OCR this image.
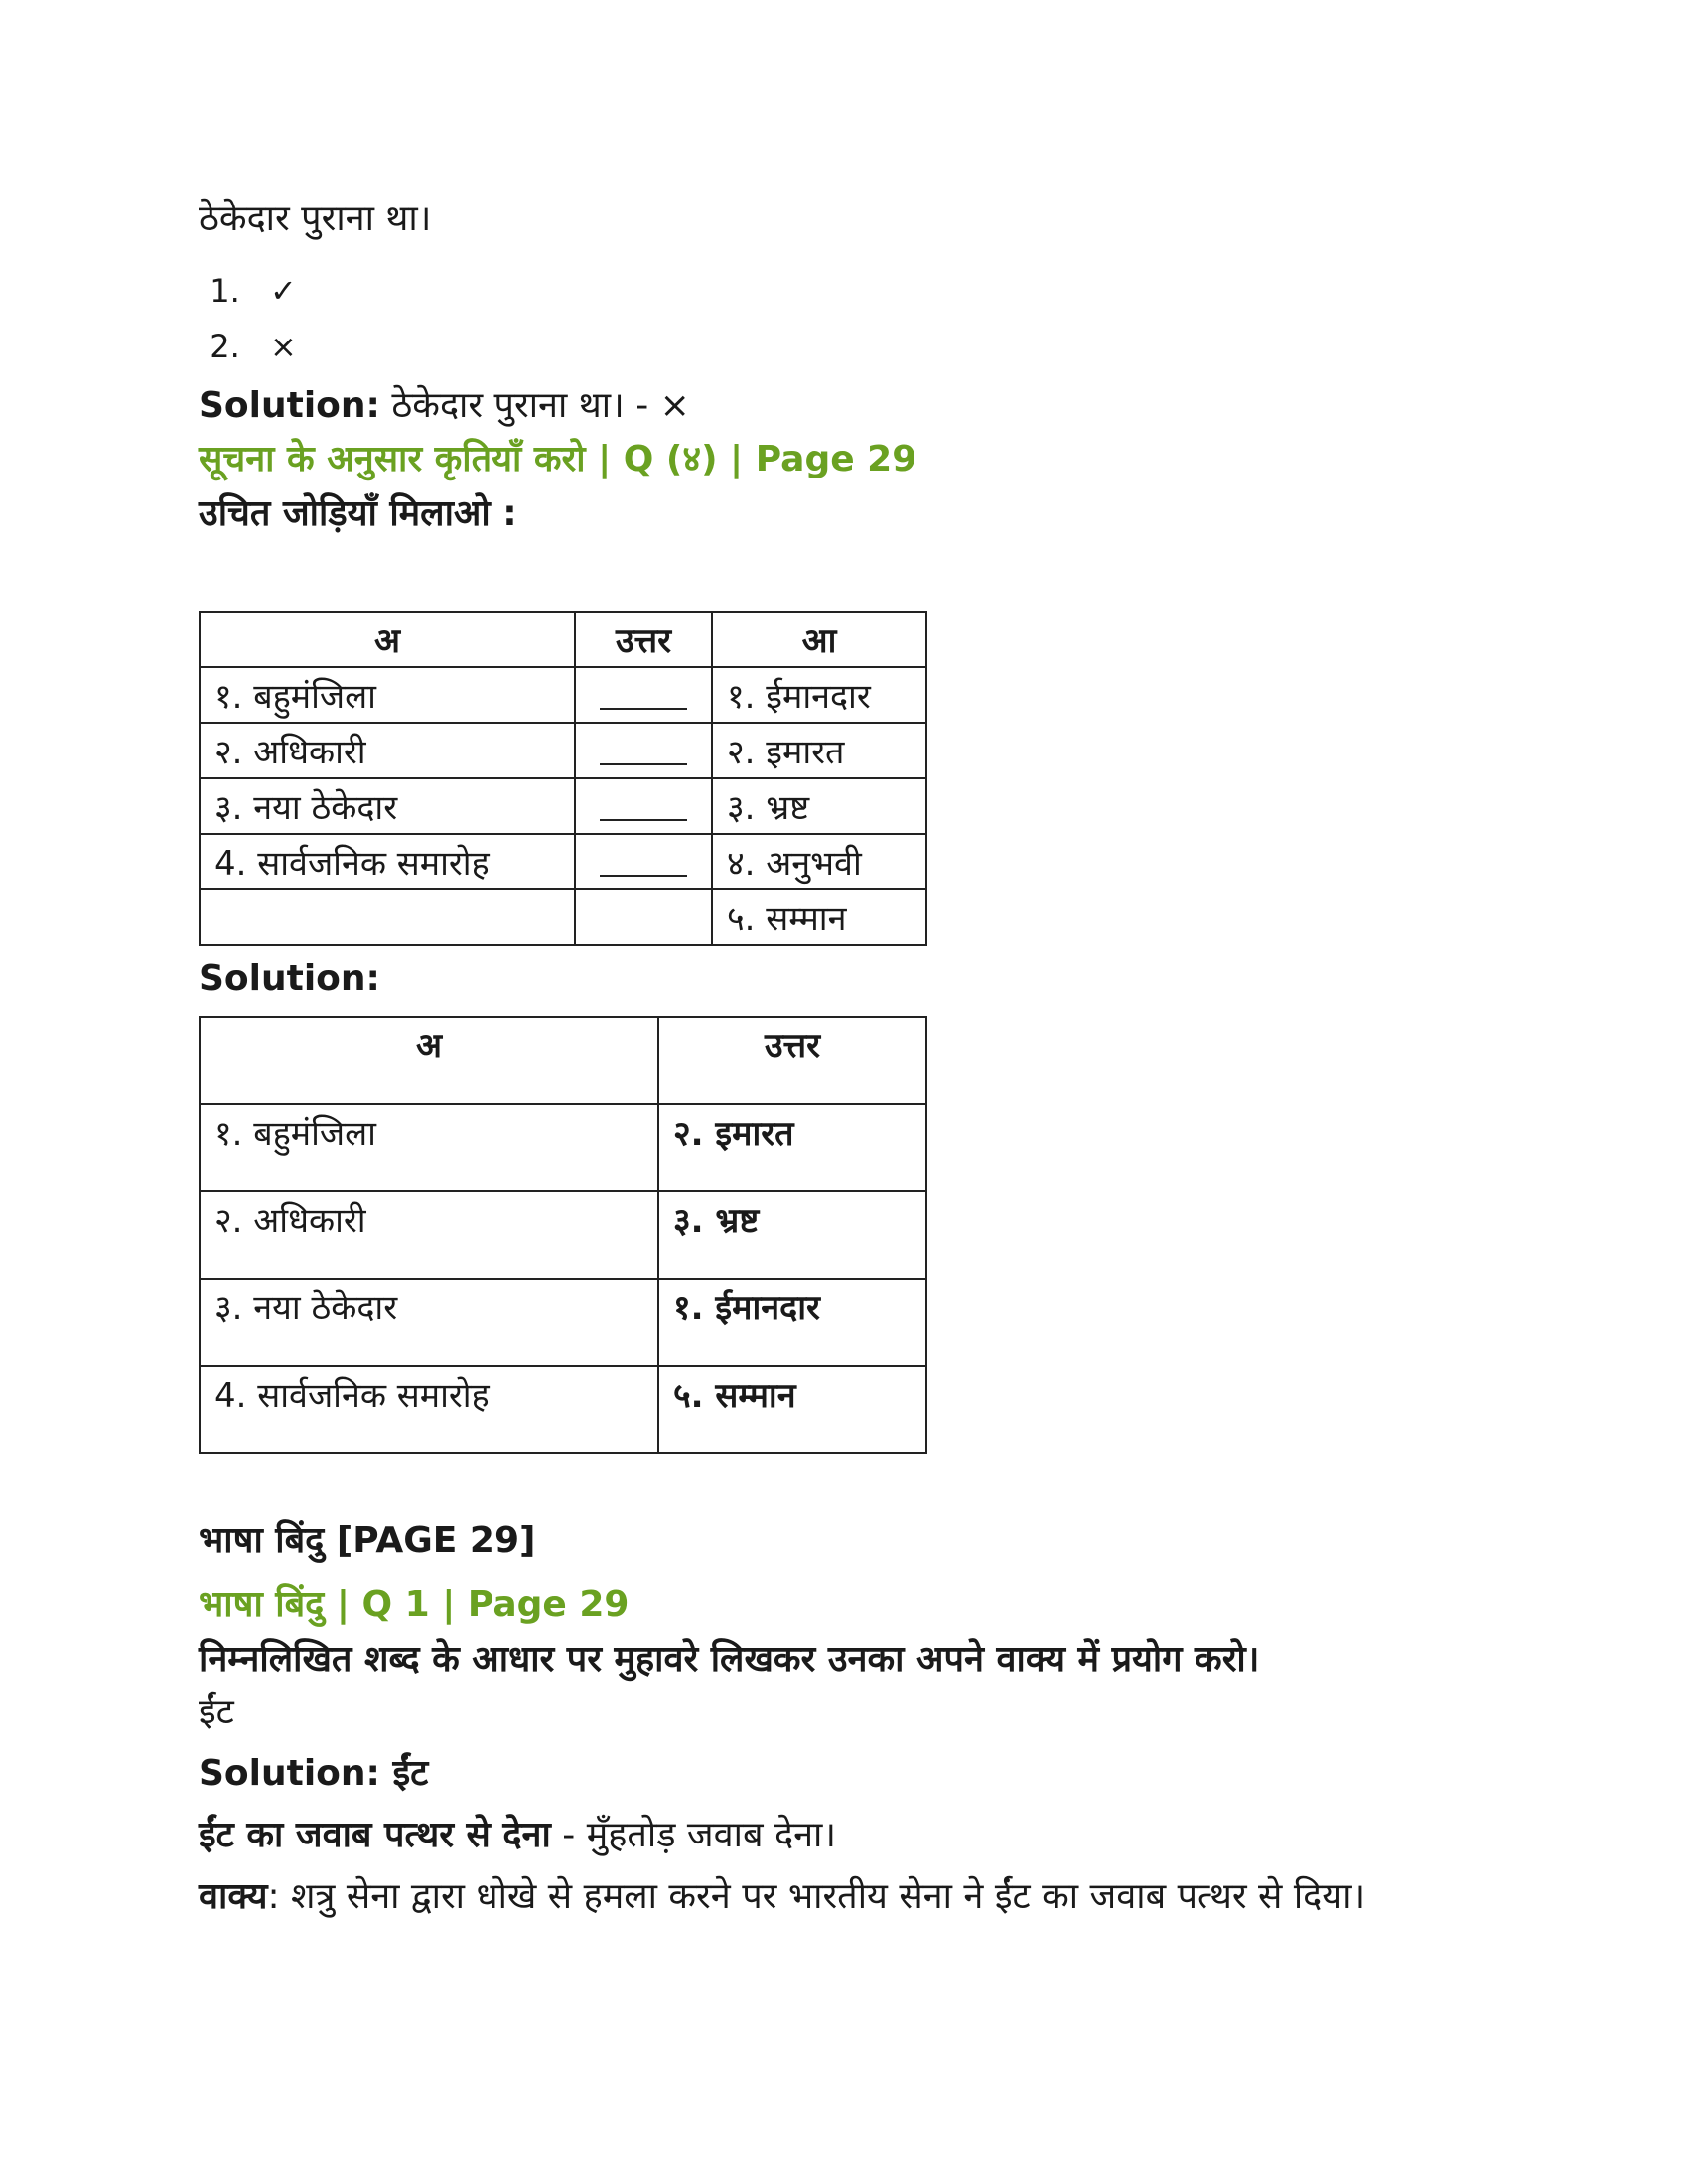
ठेकेदार पुराना था।

1. ✓
2. ×

Solution: ठेकेदार पुराना था। - ×

सूचना के अनुसार कृतियाँ करो | Q (४) | Page 29

उचित जोड़ियाँ मिलाओ :

अ	उत्तर	आ
१. बहुमंजिला		१. ईमानदार
२. अधिकारी		२. इमारत
३. नया ठेकेदार		३. भ्रष्ट
4. सार्वजनिक समारोह		४. अनुभवी
		५. सम्मान

Solution:

अ	उत्तर
१. बहुमंजिला	२. इमारत
२. अधिकारी	३. भ्रष्ट
३. नया ठेकेदार	१. ईमानदार
4. सार्वजनिक समारोह	५. सम्मान

भाषा बिंदु [PAGE 29]

भाषा बिंदु | Q 1 | Page 29

निम्नलिखित शब्द के आधार पर मुहावरे लिखकर उनका अपने वाक्य में प्रयोग करो।

ईंट

Solution: ईंट

ईंट का जवाब पत्थर से देना - मुँहतोड़ जवाब देना।

वाक्य: शत्रु सेना द्वारा धोखे से हमला करने पर भारतीय सेना ने ईंट का जवाब पत्थर से दिया।
